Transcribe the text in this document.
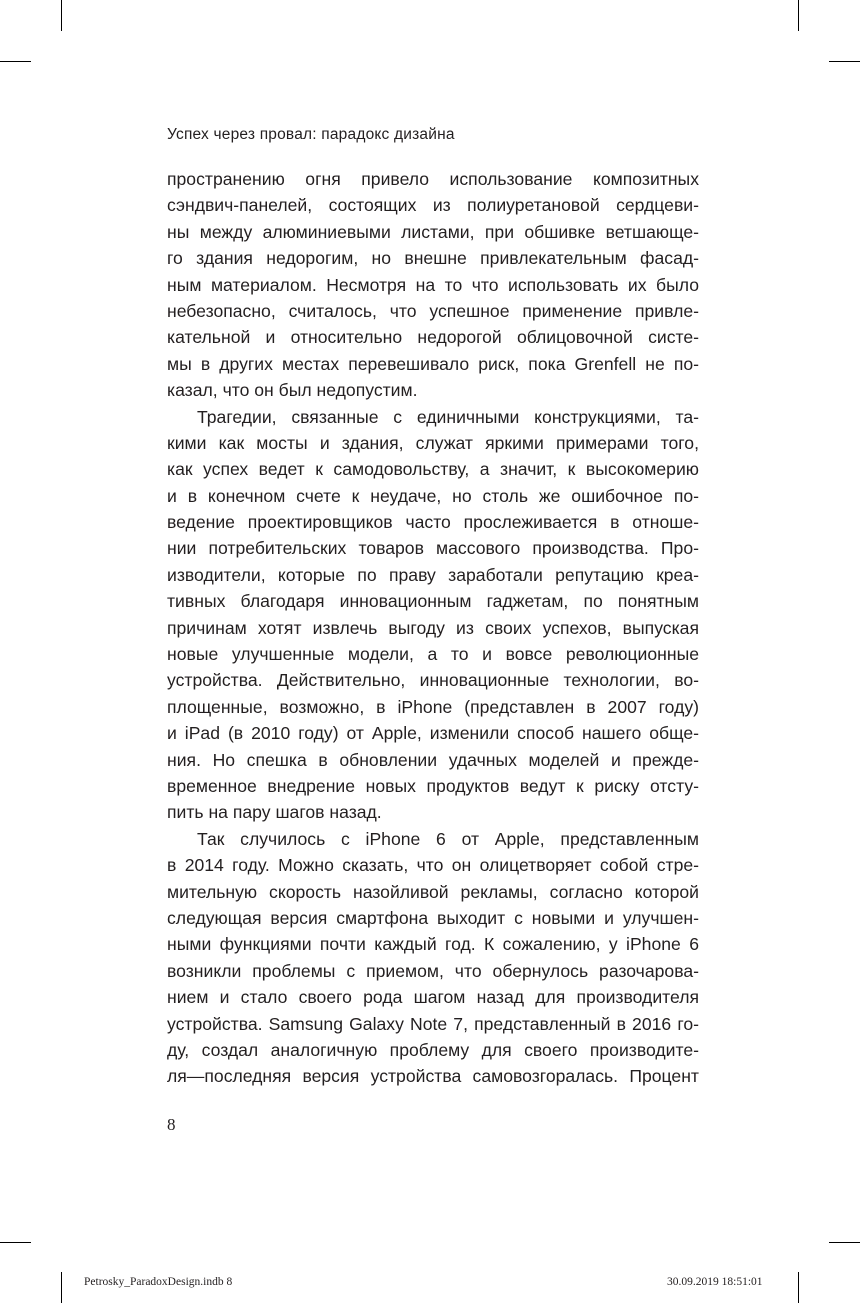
Успех через провал: парадокс дизайна
пространению огня привело использование композитных
сэндвич-панелей, состоящих из полиуретановой сердцеви-
ны между алюминиевыми листами, при обшивке ветшающе-
го здания недорогим, но внешне привлекательным фасад-
ным материалом. Несмотря на то что использовать их было
небезопасно, считалось, что успешное применение привле-
кательной и относительно недорогой облицовочной систе-
мы в других местах перевешивало риск, пока Grenfell не по-
казал, что он был недопустим.
Трагедии, связанные с единичными конструкциями, та-
кими как мосты и здания, служат яркими примерами того,
как успех ведет к самодовольству, а значит, к высокомерию
и в конечном счете к неудаче, но столь же ошибочное по-
ведение проектировщиков часто прослеживается в отноше-
нии потребительских товаров массового производства. Про-
изводители, которые по праву заработали репутацию креа-
тивных благодаря инновационным гаджетам, по понятным
причинам хотят извлечь выгоду из своих успехов, выпуская
новые улучшенные модели, а то и вовсе революционные
устройства. Действительно, инновационные технологии, во-
площенные, возможно, в iPhone (представлен в 2007 году)
и iPad (в 2010 году) от Apple, изменили способ нашего обще-
ния. Но спешка в обновлении удачных моделей и прежде-
временное внедрение новых продуктов ведут к риску отсту-
пить на пару шагов назад.
Так случилось с iPhone 6 от Apple, представленным
в 2014 году. Можно сказать, что он олицетворяет собой стре-
мительную скорость назойливой рекламы, согласно которой
следующая версия смартфона выходит с новыми и улучшен-
ными функциями почти каждый год. К сожалению, у iPhone 6
возникли проблемы с приемом, что обернулось разочарова-
нием и стало своего рода шагом назад для производителя
устройства. Samsung Galaxy Note 7, представленный в 2016 го-
ду, создал аналогичную проблему для своего производите-
ля—последняя версия устройства самовозгоралась. Процент
8
Petrosky_ParadoxDesign.indb 8	30.09.2019 18:51:01
